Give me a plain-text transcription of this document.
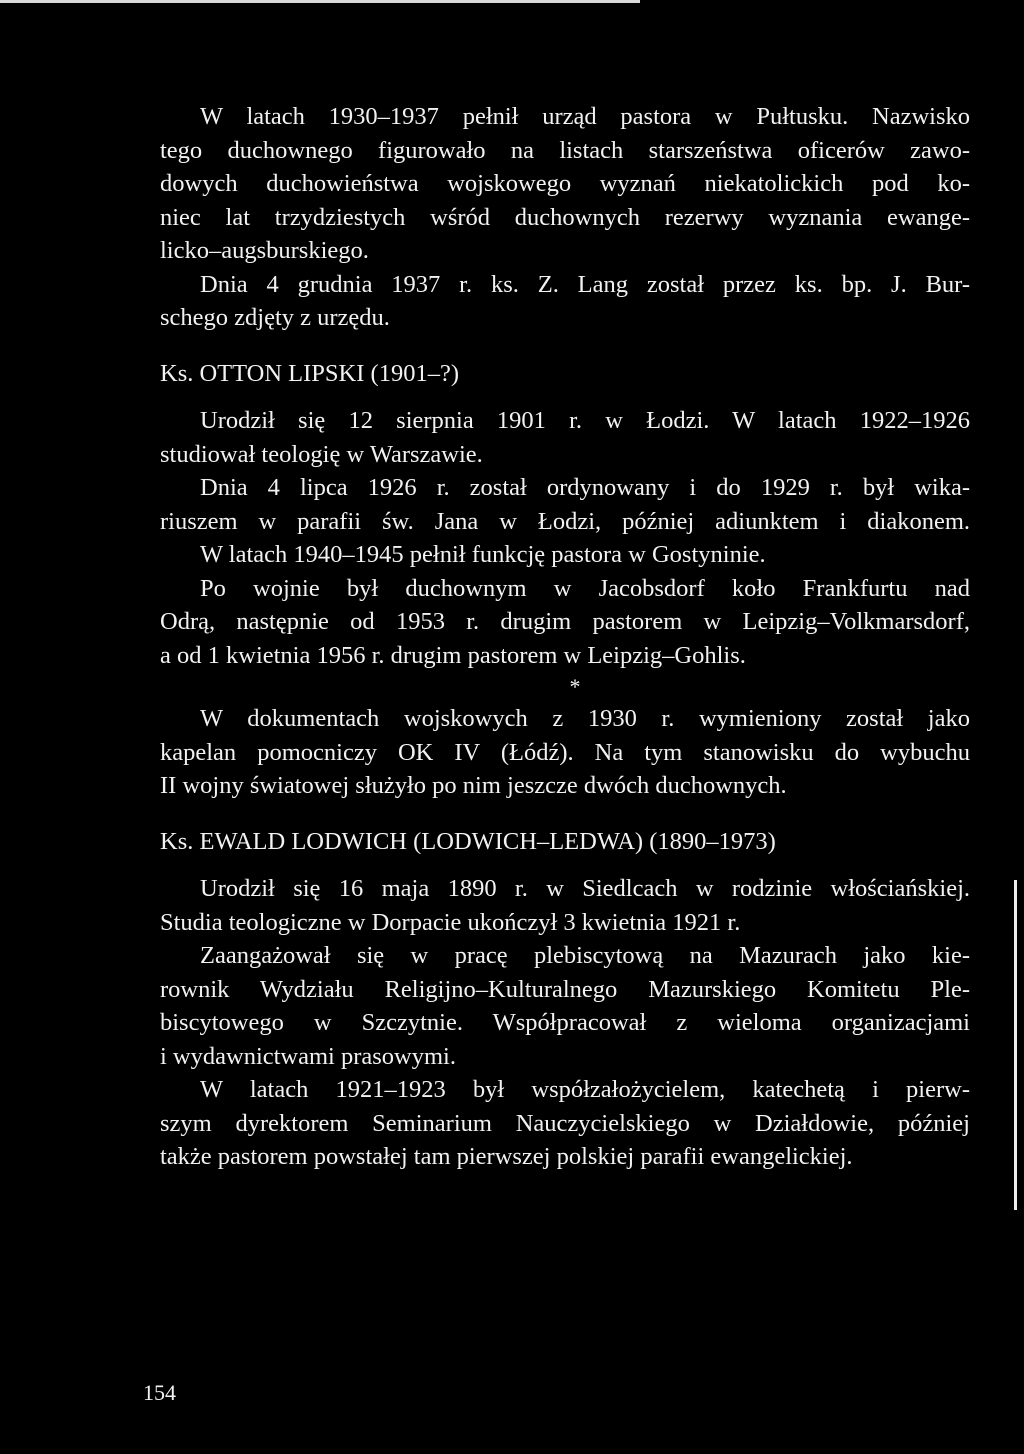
W latach 1930–1937 pełnił urząd pastora w Pułtusku. Nazwisko
tego duchownego figurowało na listach starszeństwa oficerów zawo-
dowych duchowieństwa wojskowego wyznań niekatolickich pod ko-
niec lat trzydziestych wśród duchownych rezerwy wyznania ewange-
licko–augsburskiego.
Dnia 4 grudnia 1937 r. ks. Z. Lang został przez ks. bp. J. Bur-
schego zdjęty z urzędu.
Ks. OTTON LIPSKI (1901–?)
Urodził się 12 sierpnia 1901 r. w Łodzi. W latach 1922–1926
studiował teologię w Warszawie.
Dnia 4 lipca 1926 r. został ordynowany i do 1929 r. był wika-
riuszem w parafii św. Jana w Łodzi, później adiunktem i diakonem.
W latach 1940–1945 pełnił funkcję pastora w Gostyninie.
Po wojnie był duchownym w Jacobsdorf koło Frankfurtu nad
Odrą, następnie od 1953 r. drugim pastorem w Leipzig–Volkmarsdorf,
a od 1 kwietnia 1956 r. drugim pastorem w Leipzig–Gohlis.
*
W dokumentach wojskowych z 1930 r. wymieniony został jako
kapelan pomocniczy OK IV (Łódź). Na tym stanowisku do wybuchu
II wojny światowej służyło po nim jeszcze dwóch duchownych.
Ks. EWALD LODWICH (LODWICH–LEDWA) (1890–1973)
Urodził się 16 maja 1890 r. w Siedlcach w rodzinie włościańskiej.
Studia teologiczne w Dorpacie ukończył 3 kwietnia 1921 r.
Zaangażował się w pracę plebiscytową na Mazurach jako kie-
rownik Wydziału Religijno–Kulturalnego Mazurskiego Komitetu Ple-
biscytowego w Szczytnie. Współpracował z wieloma organizacjami
i wydawnictwami prasowymi.
W latach 1921–1923 był współzałożycielem, katechetą i pierw-
szym dyrektorem Seminarium Nauczycielskiego w Działdowie, później
także pastorem powstałej tam pierwszej polskiej parafii ewangelickiej.
154
